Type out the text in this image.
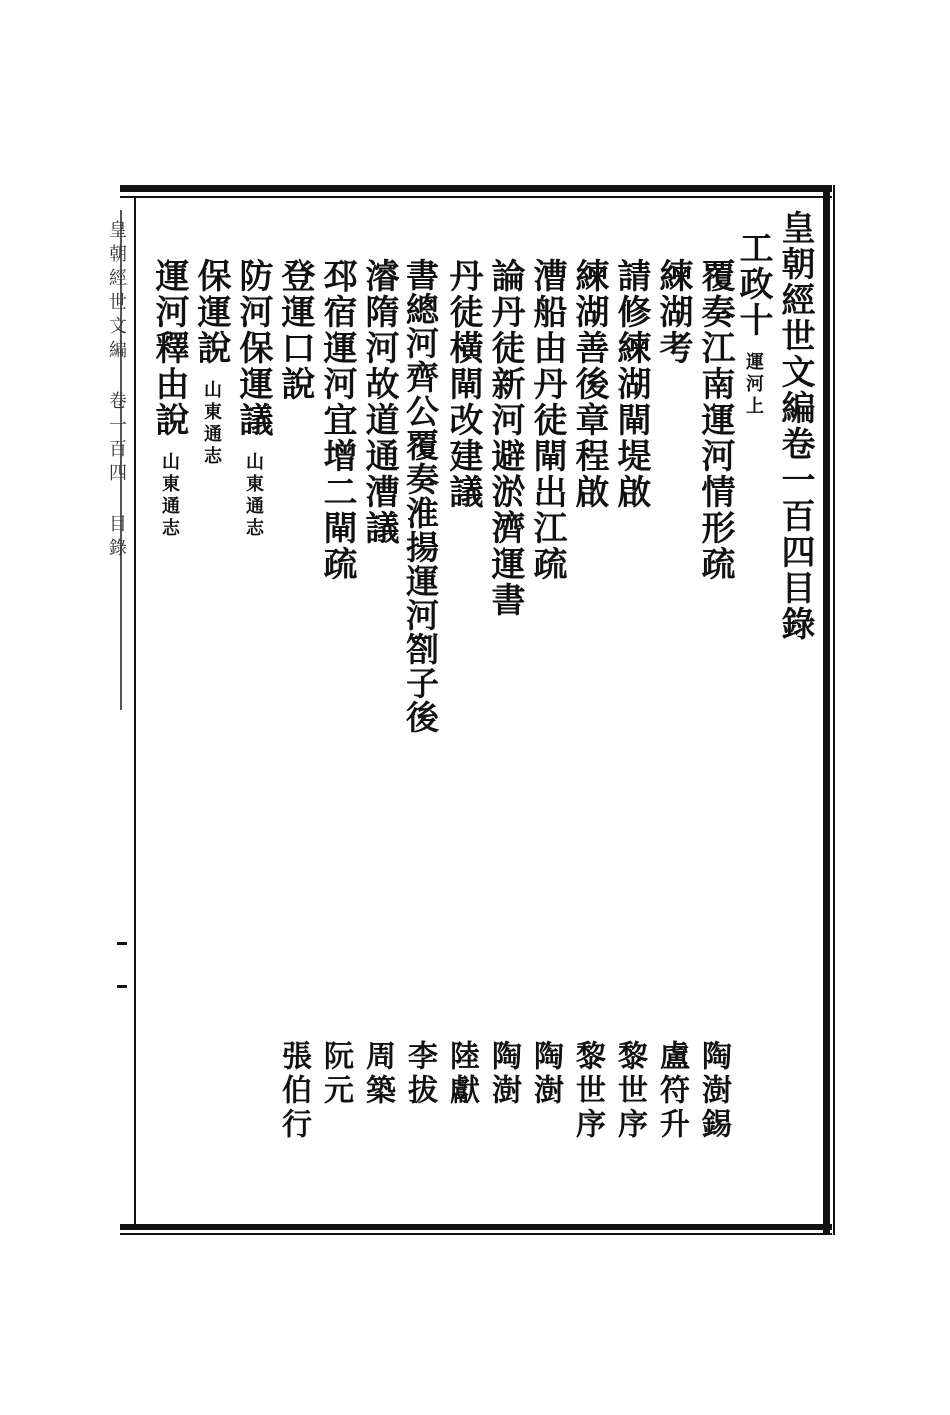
皇朝經世文編 卷一百四 目錄	皇朝經世文編卷一百四目錄
工政十運河上
覆奏江南運河情形疏
練湖考
請修練湖閘堤啟
練湖善後章程啟
漕船由丹徒閘出江疏
論丹徒新河避淤濟運書
丹徒橫閘改建議
書總河齊公覆奏淮揚運河劄子後
濬隋河故道通漕議
邳宿運河宜增二閘疏
登運口說
防河保運議山東通志
保運說山東通志
運河釋由說山東通志
陶澍錫
盧符升
黎世序
黎世序
陶澍
陶澍
陸獻
李拔
周築
阮元
張伯行
